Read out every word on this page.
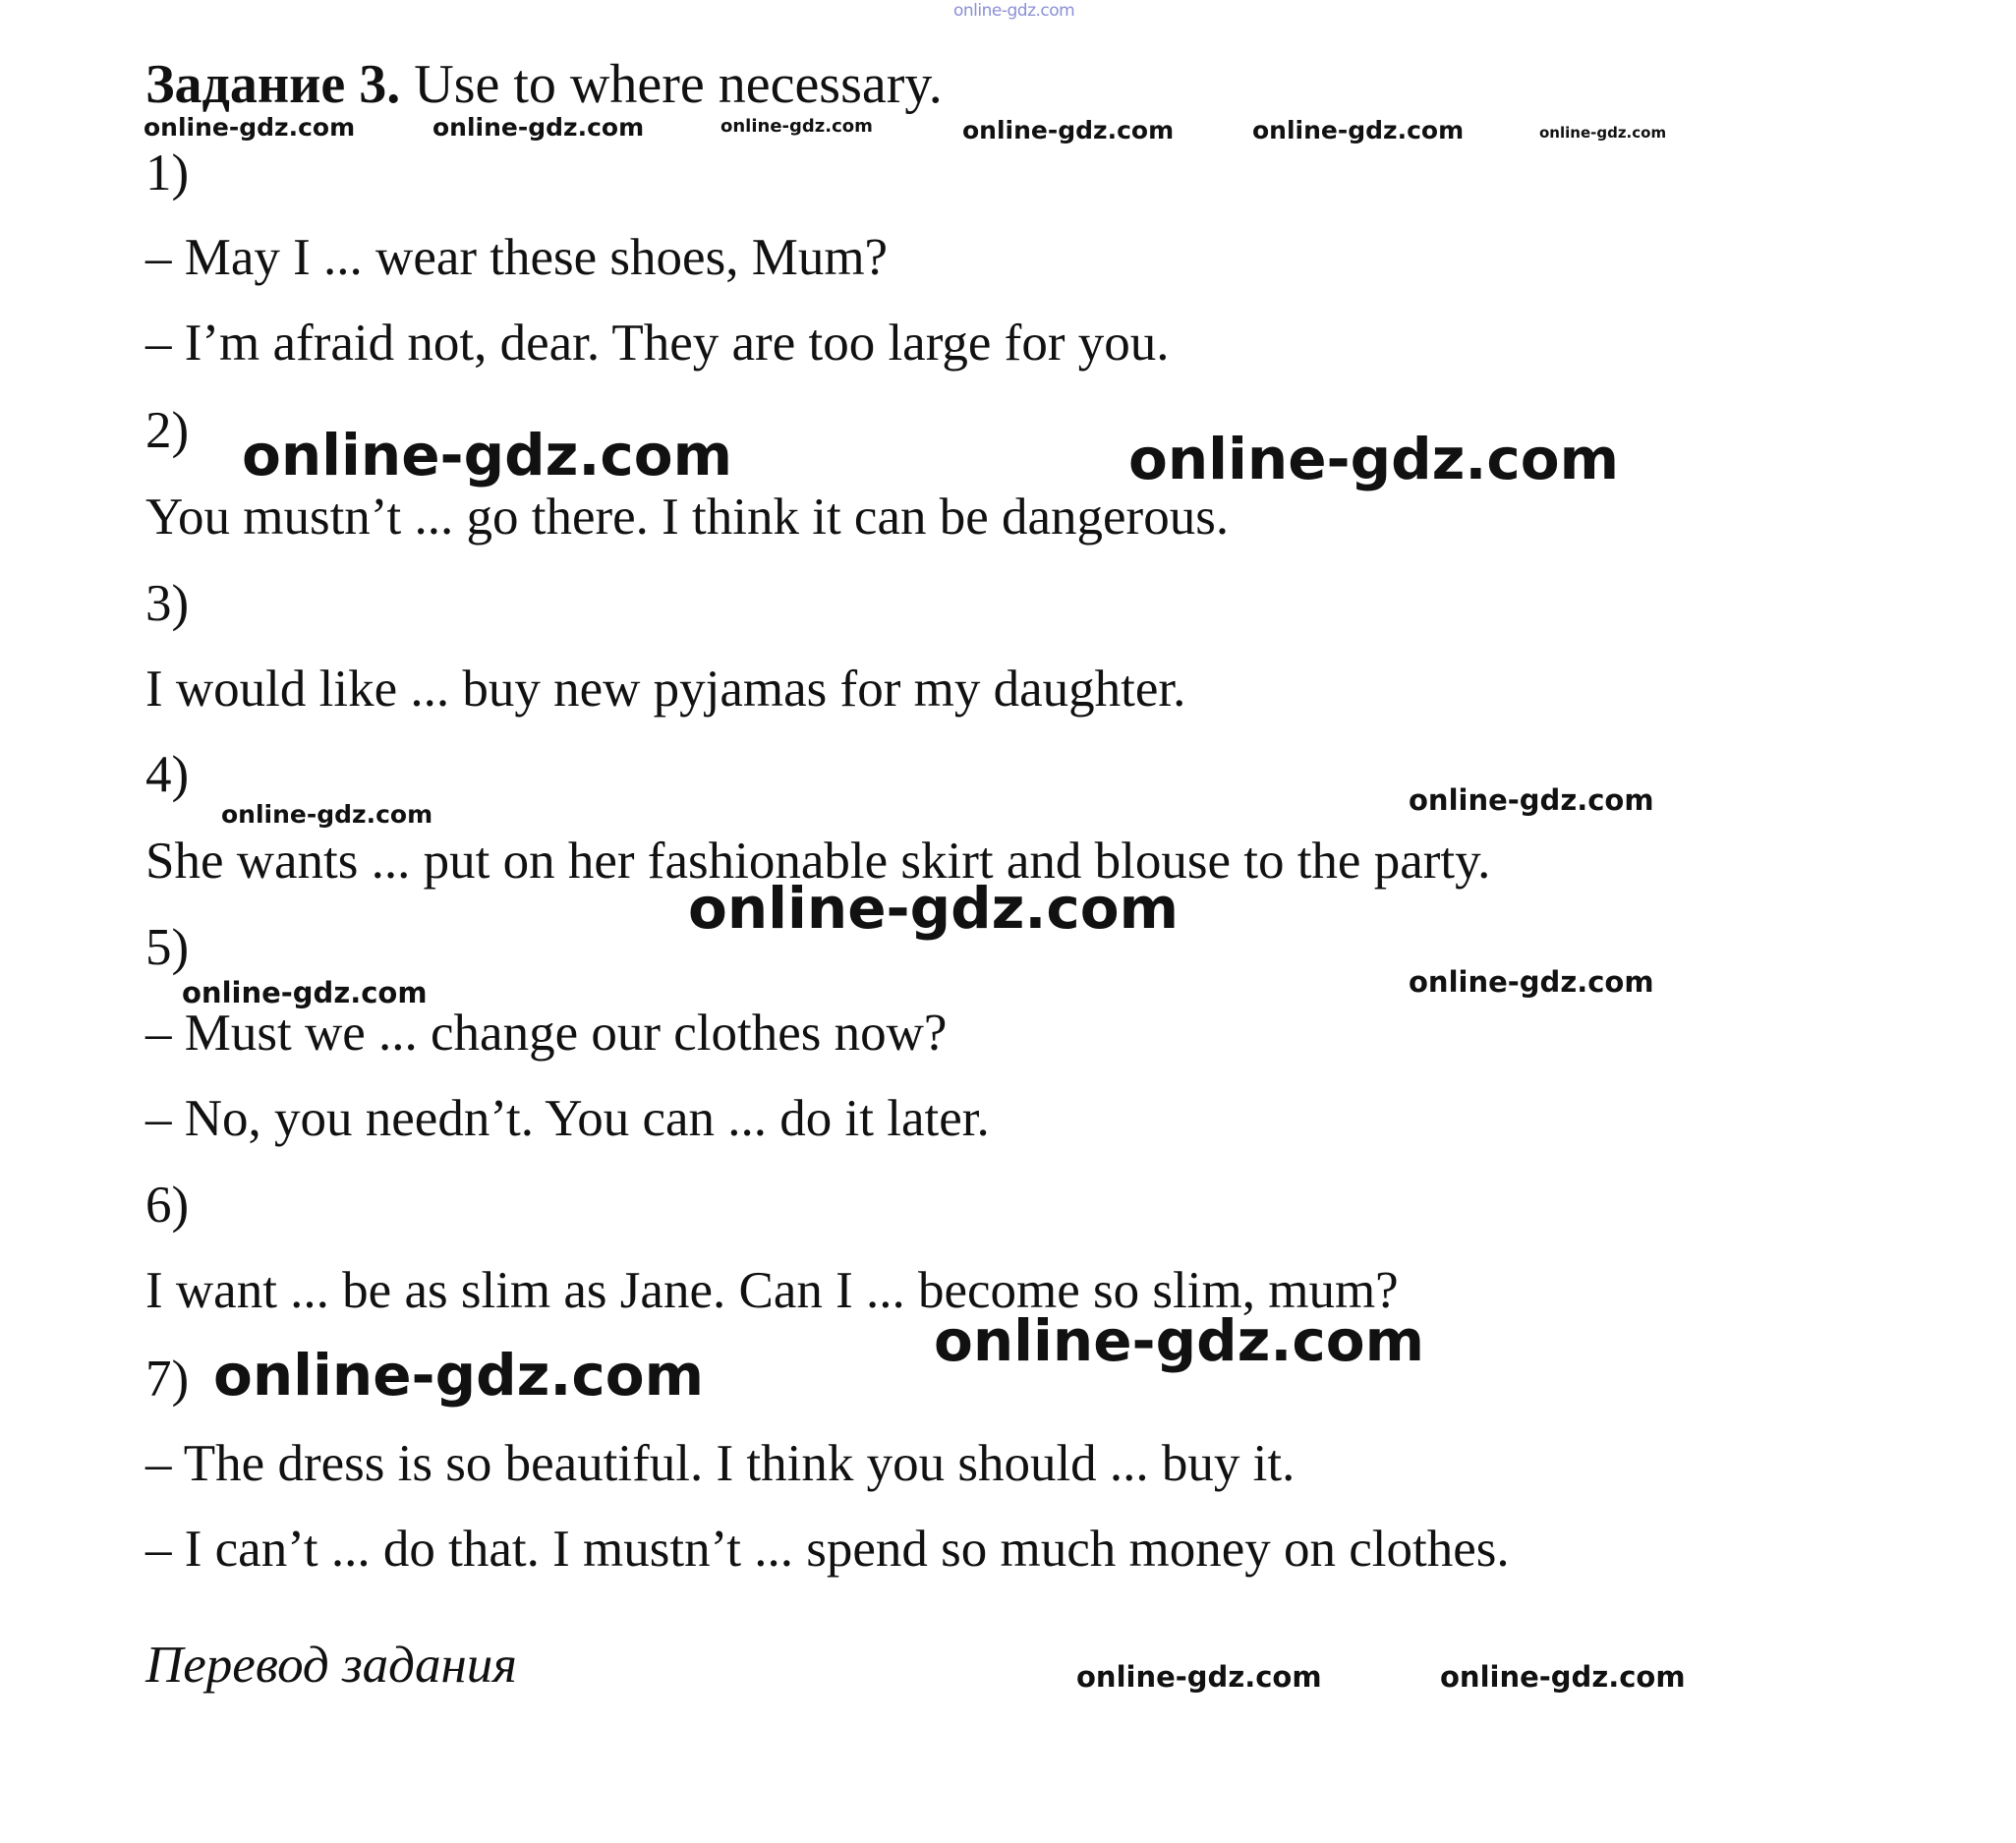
online-gdz.com
Задание 3. Use to where necessary.
online-gdz.com	online-gdz.com	online-gdz.com	online-gdz.com	online-gdz.com	online-gdz.com
1)
– May I ... wear these shoes, Mum?
– I’m afraid not, dear. They are too large for you.
2) online-gdz.com	online-gdz.com
You mustn’t ... go there. I think it can be dangerous.
3)
I would like ... buy new pyjamas for my daughter.
4)
online-gdz.com	online-gdz.com
She wants ... put on her fashionable skirt and blouse to the party.
online-gdz.com
5)
online-gdz.com	online-gdz.com
– Must we ... change our clothes now?
– No, you needn’t. You can ... do it later.
6)
I want ... be as slim as Jane. Can I ... become so slim, mum?
online-gdz.com
7) online-gdz.com
– The dress is so beautiful. I think you should ... buy it.
– I can’t ... do that. I mustn’t ... spend so much money on clothes.
Перевод задания	online-gdz.com	online-gdz.com
